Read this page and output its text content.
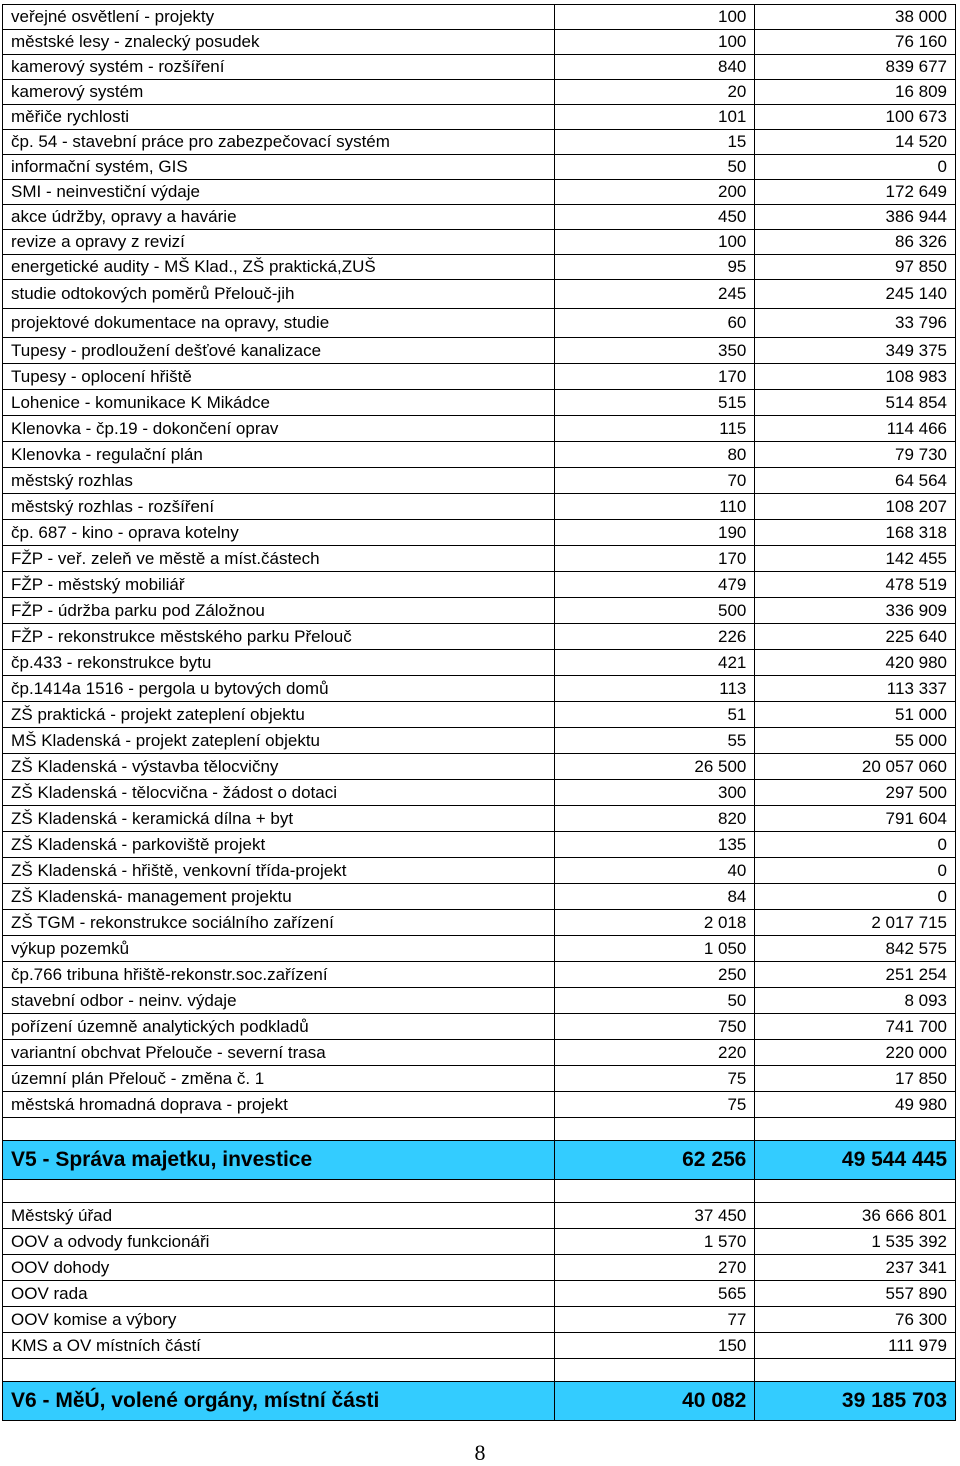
veřejné osvětlení - projekty	100	38 000
městské lesy - znalecký posudek	100	76 160
kamerový systém - rozšíření	840	839 677
kamerový systém	20	16 809
měřiče rychlosti	101	100 673
čp. 54 - stavební práce pro zabezpečovací systém	15	14 520
informační systém, GIS	50	0
SMI - neinvestiční výdaje	200	172 649
akce údržby, opravy a havárie	450	386 944
revize a opravy z revizí	100	86 326
energetické audity - MŠ Klad., ZŠ praktická,ZUŠ	95	97 850
studie odtokových poměrů Přelouč-jih	245	245 140
projektové dokumentace na opravy, studie	60	33 796
Tupesy - prodloužení dešťové kanalizace	350	349 375
Tupesy - oplocení hřiště	170	108 983
Lohenice - komunikace K Mikádce	515	514 854
Klenovka - čp.19 - dokončení oprav	115	114 466
Klenovka - regulační plán	80	79 730
městský rozhlas	70	64 564
městský rozhlas - rozšíření	110	108 207
čp. 687 - kino - oprava kotelny	190	168 318
FŽP - veř. zeleň ve městě a míst.částech	170	142 455
FŽP - městský mobiliář	479	478 519
FŽP - údržba parku pod Záložnou	500	336 909
FŽP - rekonstrukce městského parku Přelouč	226	225 640
čp.433 - rekonstrukce bytu	421	420 980
čp.1414a 1516 - pergola u bytových domů	113	113 337
ZŠ praktická - projekt zateplení objektu	51	51 000
MŠ Kladenská - projekt zateplení objektu	55	55 000
ZŠ Kladenská - výstavba tělocvičny	26 500	20 057 060
ZŠ Kladenská - tělocvična - žádost o dotaci	300	297 500
ZŠ Kladenská - keramická dílna + byt	820	791 604
ZŠ Kladenská - parkoviště projekt	135	0
ZŠ Kladenská - hřiště, venkovní třída-projekt	40	0
ZŠ Kladenská- management projektu	84	0
ZŠ TGM - rekonstrukce sociálního zařízení	2 018	2 017 715
výkup pozemků	1 050	842 575
čp.766 tribuna hřiště-rekonstr.soc.zařízení	250	251 254
stavební odbor - neinv. výdaje	50	8 093
pořízení územně analytických podkladů	750	741 700
variantní obchvat Přelouče - severní trasa	220	220 000
územní plán Přelouč - změna č. 1	75	17 850
městská hromadná doprava - projekt	75	49 980

V5 - Správa majetku, investice	62 256	49 544 445

Městský úřad	37 450	36 666 801
OOV a odvody funkcionáři	1 570	1 535 392
OOV dohody	270	237 341
OOV rada	565	557 890
OOV komise a výbory	77	76 300
KMS a OV místních částí	150	111 979

V6 - MěÚ, volené orgány, místní části	40 082	39 185 703
8
